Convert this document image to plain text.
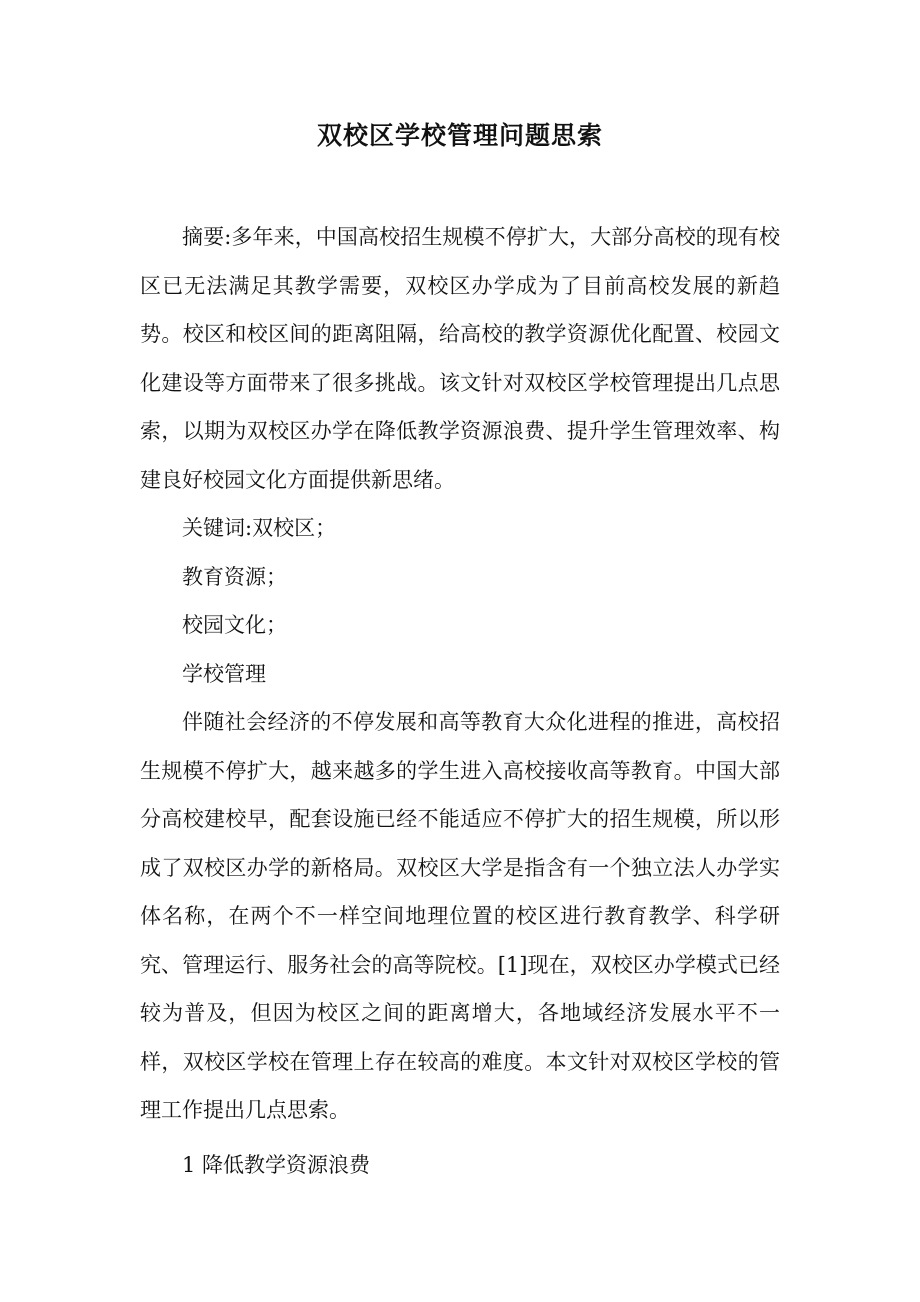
双校区学校管理问题思索

摘要:多年来，中国高校招生规模不停扩大，大部分高校的现有校区已无法满足其教学需要，双校区办学成为了目前高校发展的新趋势。校区和校区间的距离阻隔，给高校的教学资源优化配置、校园文化建设等方面带来了很多挑战。该文针对双校区学校管理提出几点思索，以期为双校区办学在降低教学资源浪费、提升学生管理效率、构建良好校园文化方面提供新思绪。

关键词:双校区；

教育资源；

校园文化；

学校管理

伴随社会经济的不停发展和高等教育大众化进程的推进，高校招生规模不停扩大，越来越多的学生进入高校接收高等教育。中国大部分高校建校早，配套设施已经不能适应不停扩大的招生规模，所以形成了双校区办学的新格局。双校区大学是指含有一个独立法人办学实体名称，在两个不一样空间地理位置的校区进行教育教学、科学研究、管理运行、服务社会的高等院校。[1]现在，双校区办学模式已经较为普及，但因为校区之间的距离增大，各地域经济发展水平不一样，双校区学校在管理上存在较高的难度。本文针对双校区学校的管理工作提出几点思索。

1 降低教学资源浪费
